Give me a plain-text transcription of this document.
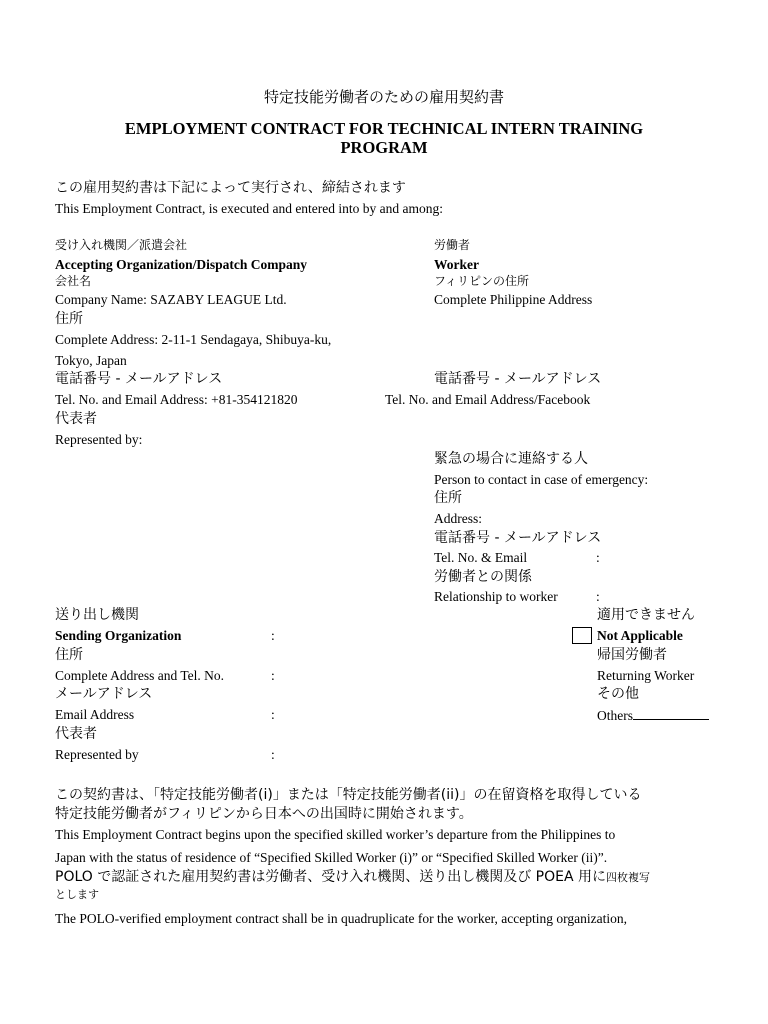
特定技能労働者のための雇用契約書
EMPLOYMENT CONTRACT FOR TECHNICAL INTERN TRAINING
PROGRAM
この雇用契約書は下記によって実行され、締結されます
This Employment Contract, is executed and entered into by and among:
受け入れ機関／派遣会社
Accepting Organization/Dispatch Company
会社名
Company Name: SAZABY LEAGUE Ltd.
住所
Complete Address: 2-11-1 Sendagaya, Shibuya-ku,
Tokyo, Japan
電話番号 - メールアドレス
Tel. No. and Email Address: +81-354121820
代表者
Represented by:
労働者
Worker
フィリピンの住所
Complete Philippine Address
電話番号 - メールアドレス
Tel. No. and Email Address/Facebook
緊急の場合に連絡する人
Person to contact in case of emergency:
住所
Address:
電話番号 - メールアドレス
Tel. No. & Email	:
労働者との関係
Relationship to worker	:
送り出し機関
Sending Organization	:
住所
Complete Address and Tel. No.	:
メールアドレス
Email Address	:
代表者
Represented by	:
適用できません
Not Applicable
帰国労働者
Returning Worker
その他
Others
この契約書は、「特定技能労働者(i)」または「特定技能労働者(ii)」の在留資格を取得している
特定技能労働者がフィリピンから日本への出国時に開始されます。
This Employment Contract begins upon the specified skilled worker’s departure from the Philippines to
Japan with the status of residence of “Specified Skilled Worker (i)” or “Specified Skilled Worker (ii)”.
POLO で認証された雇用契約書は労働者、受け入れ機関、送り出し機関及び POEA 用に四枚複写
とします
The POLO-verified employment contract shall be in quadruplicate for the worker, accepting organization,
